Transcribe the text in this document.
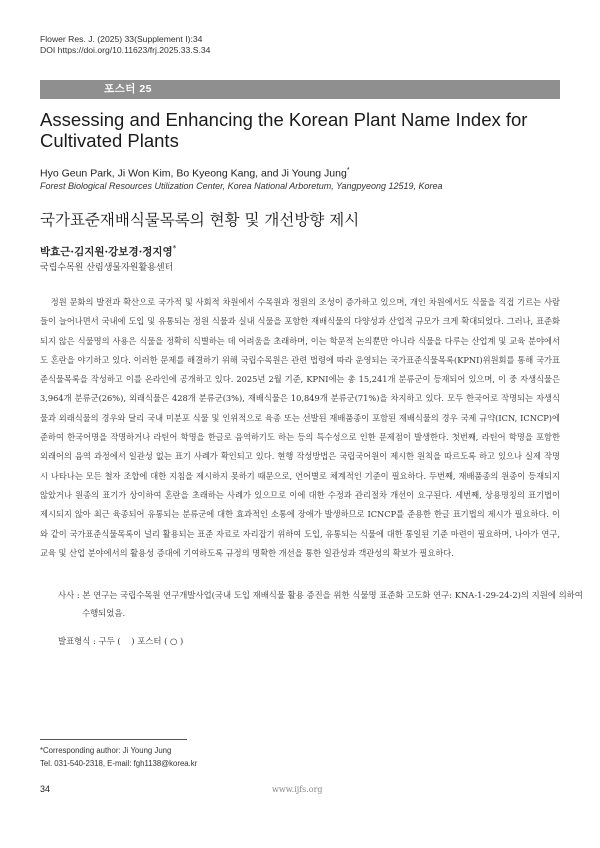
Flower Res. J. (2025) 33(Supplement I):34
DOI https://doi.org/10.11623/frj.2025.33.S.34
포스터 25
Assessing and Enhancing the Korean Plant Name Index for Cultivated Plants
Hyo Geun Park, Ji Won Kim, Bo Kyeong Kang, and Ji Young Jung*
Forest Biological Resources Utilization Center, Korea National Arboretum, Yangpyeong 12519, Korea
국가표준재배식물목록의 현황 및 개선방향 제시
박효근·김지원·강보경·정지영*
국립수목원 산림생물자원활용센터
정원 문화의 발전과 확산으로 국가적 및 사회적 차원에서 수목원과 정원의 조성이 증가하고 있으며, 개인 차원에서도 식물을 직접 기르는 사람들이 늘어나면서 국내에 도입 및 유통되는 정원 식물과 실내 식물을 포함한 재배식물의 다양성과 산업적 규모가 크게 확대되었다. 그러나, 표준화되지 않은 식물명의 사용은 식물을 정확히 식별하는 데 어려움을 초래하며, 이는 학문적 논의뿐만 아니라 식물을 다루는 산업계 및 교육 분야에서도 혼란을 야기하고 있다. 이러한 문제를 해결하기 위해 국립수목원은 관련 법령에 따라 운영되는 국가표준식물목록(KPNI)위원회를 통해 국가표준식물목록을 작성하고 이를 온라인에 공개하고 있다. 2025년 2월 기준, KPNI에는 총 15,241개 분류군이 등재되어 있으며, 이 중 자생식물은 3,964개 분류군(26%), 외래식물은 428개 분류군(3%), 재배식물은 10,849개 분류군(71%)을 차지하고 있다. 모두 한국어로 작명되는 자생식물과 외래식물의 경우와 달리 국내 미분포 식물 및 인위적으로 육종 또는 선발된 재배품종이 포함된 재배식물의 경우 국제 규약(ICN, ICNCP)에 준하여 한국어명을 작명하거나 라틴어 학명을 한글로 음역하기도 하는 등의 특수성으로 인한 문제점이 발생한다. 첫번째, 라틴어 학명을 포함한 외래어의 음역 과정에서 일관성 없는 표기 사례가 확인되고 있다. 현행 작성방법은 국립국어원이 제시한 원칙을 따르도록 하고 있으나 실제 작명시 나타나는 모든 철자 조합에 대한 지침을 제시하지 못하기 때문으로, 언어별로 체계적인 기준이 필요하다. 두번째, 재배품종의 원종이 등재되지 않았거나 원종의 표기가 상이하여 혼란을 초래하는 사례가 있으므로 이에 대한 수정과 관리절차 개선이 요구된다. 세번째, 상용명칭의 표기법이 제시되지 않아 최근 육종되어 유통되는 분류군에 대한 효과적인 소통에 장애가 발생하므로 ICNCP를 준용한 한글 표기법의 제시가 필요하다. 이와 같이 국가표준식물목록이 널리 활용되는 표준 자료로 자리잡기 위하여 도입, 유통되는 식물에 대한 통일된 기준 마련이 필요하며, 나아가 연구, 교육 및 산업 분야에서의 활용성 증대에 기여하도록 규정의 명확한 개선을 통한 일관성과 객관성의 확보가 필요하다.
사사 : 본 연구는 국립수목원 연구개발사업(국내 도입 재배식물 활용 증진을 위한 식물명 표준화 고도화 연구: KNA-1-29-24-2)의 지원에 의하여 수행되었음.
발표형식 : 구두 (    ) 포스터 ( ○ )
*Corresponding author: Ji Young Jung
Tel. 031-540-2318, E-mail: fgh1138@korea.kr
34	www.ijfs.org
